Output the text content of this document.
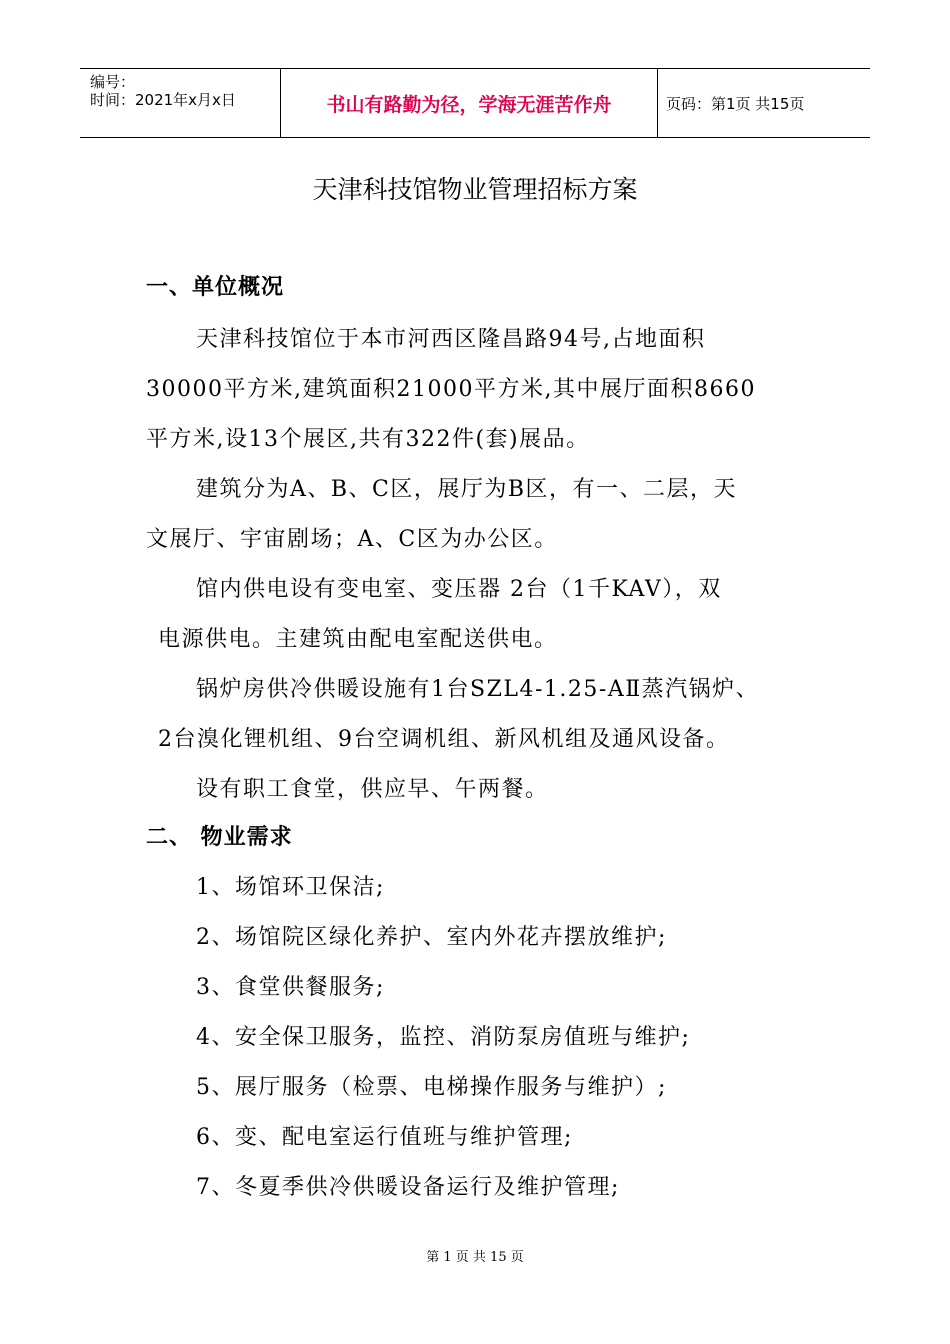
编号：
时间：2021年x月x日	书山有路勤为径，学海无涯苦作舟	页码：第1页 共15页
天津科技馆物业管理招标方案
一、单位概况
天津科技馆位于本市河西区隆昌路94号,占地面积
30000平方米,建筑面积21000平方米,其中展厅面积8660
平方米,设13个展区,共有322件(套)展品。
建筑分为A、B、C区，展厅为B区，有一、二层，天
文展厅、宇宙剧场；A、C区为办公区。
馆内供电设有变电室、变压器 2台（1千KAV），双
电源供电。主建筑由配电室配送供电。
锅炉房供冷供暖设施有1台SZL4-1.25-AⅡ蒸汽锅炉、
2台溴化锂机组、9台空调机组、新风机组及通风设备。
设有职工食堂，供应早、午两餐。
二、 物业需求
1、场馆环卫保洁;
2、场馆院区绿化养护、室内外花卉摆放维护;
3、食堂供餐服务;
4、安全保卫服务，监控、消防泵房值班与维护;
5、展厅服务（检票、电梯操作服务与维护）;
6、变、配电室运行值班与维护管理;
7、冬夏季供冷供暖设备运行及维护管理;
第 1 页 共 15 页
